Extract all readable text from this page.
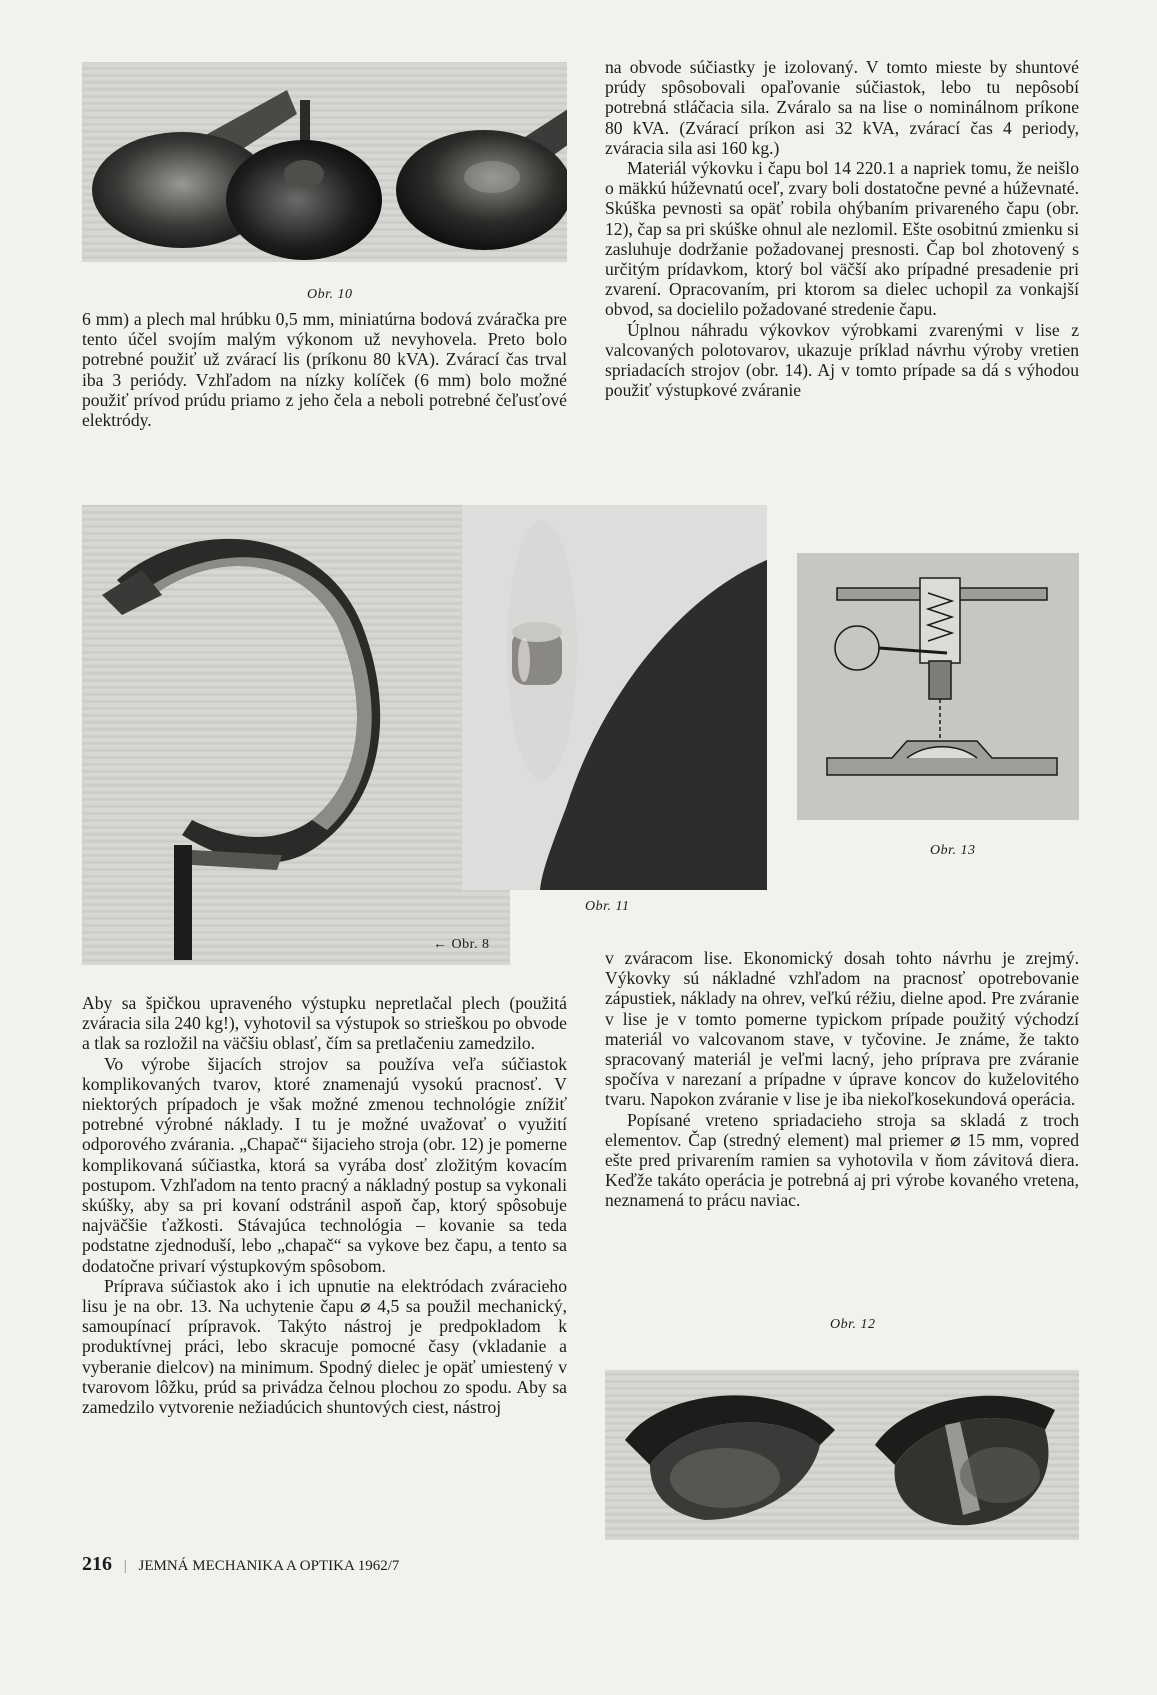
Obr. 10

6 mm) a plech mal hrúbku 0,5 mm, miniatúrna bodová zváračka pre tento účel svojím malým výkonom už nevyhovela. Preto bolo potrebné použiť už zvárací lis (príkonu 80 kVA). Zvárací čas trval iba 3 periódy. Vzhľadom na nízky kolíček (6 mm) bolo možné použiť prívod prúdu priamo z jeho čela a neboli potrebné čeľusťové elektródy.

na obvode súčiastky je izolovaný. V tomto mieste by shuntové prúdy spôsobovali opaľovanie súčiastok, lebo tu nepôsobí potrebná stláčacia sila. Zváralo sa na lise o nominálnom príkone 80 kVA. (Zvárací príkon asi 32 kVA, zvárací čas 4 periody, zváracia sila asi 160 kg.)

Materiál výkovku i čapu bol 14 220.1 a napriek tomu, že neišlo o mäkkú húževnatú oceľ, zvary boli dostatočne pevné a húževnaté. Skúška pevnosti sa opäť robila ohýbaním privareného čapu (obr. 12), čap sa pri skúške ohnul ale nezlomil. Ešte osobitnú zmienku si zasluhuje dodržanie požadovanej presnosti. Čap bol zhotovený s určitým prídavkom, ktorý bol väčší ako prípadné presadenie pri zvarení. Opracovaním, pri ktorom sa dielec uchopil za vonkajší obvod, sa docielilo požadované stredenie čapu.

Úplnou náhradu výkovkov výrobkami zvarenými v lise z valcovaných polotovarov, ukazuje príklad návrhu výroby vretien spriadacích strojov (obr. 14). Aj v tomto prípade sa dá s výhodou použiť výstupkové zváranie

← Obr. 8
Obr. 11
Obr. 13

Aby sa špičkou upraveného výstupku nepretlačal plech (použitá zváracia sila 240 kg!), vyhotovil sa výstupok so strieškou po obvode a tlak sa rozložil na väčšiu oblasť, čím sa pretlačeniu zamedzilo.

Vo výrobe šijacích strojov sa používa veľa súčiastok komplikovaných tvarov, ktoré znamenajú vysokú pracnosť. V niektorých prípadoch je však možné zmenou technológie znížiť potrebné výrobné náklady. I tu je možné uvažovať o využití odporového zvárania. „Chapač“ šijacieho stroja (obr. 12) je pomerne komplikovaná súčiastka, ktorá sa vyrába dosť zložitým kovacím postupom. Vzhľadom na tento pracný a nákladný postup sa vykonali skúšky, aby sa pri kovaní odstránil aspoň čap, ktorý spôsobuje najväčšie ťažkosti. Stávajúca technológia – kovanie sa teda podstatne zjednoduší, lebo „chapač“ sa vykove bez čapu, a tento sa dodatočne privarí výstupkovým spôsobom.

Príprava súčiastok ako i ich upnutie na elektródach zváracieho lisu je na obr. 13. Na uchytenie čapu ⌀ 4,5 sa použil mechanický, samoupínací prípravok. Takýto nástroj je predpokladom k produktívnej práci, lebo skracuje pomocné časy (vkladanie a vyberanie dielcov) na minimum. Spodný dielec je opäť umiestený v tvarovom lôžku, prúd sa privádza čelnou plochou zo spodu. Aby sa zamedzilo vytvorenie nežiadúcich shuntových ciest, nástroj

v zváracom lise. Ekonomický dosah tohto návrhu je zrejmý. Výkovky sú nákladné vzhľadom na pracnosť opotrebovanie zápustiek, náklady na ohrev, veľkú réžiu, dielne apod. Pre zváranie v lise je v tomto pomerne typickom prípade použitý východzí materiál vo valcovanom stave, v tyčovine. Je známe, že takto spracovaný materiál je veľmi lacný, jeho príprava pre zváranie spočíva v narezaní a prípadne v úprave koncov do kuželovitého tvaru. Napokon zváranie v lise je iba niekoľkosekundová operácia.

Popísané vreteno spriadacieho stroja sa skladá z troch elementov. Čap (stredný element) mal priemer ⌀ 15 mm, vopred ešte pred privarením ramien sa vyhotovila v ňom závitová diera. Keďže takáto operácia je potrebná aj pri výrobe kovaného vretena, neznamená to prácu naviac.

Obr. 12
216 | JEMNÁ MECHANIKA A OPTIKA 1962/7
